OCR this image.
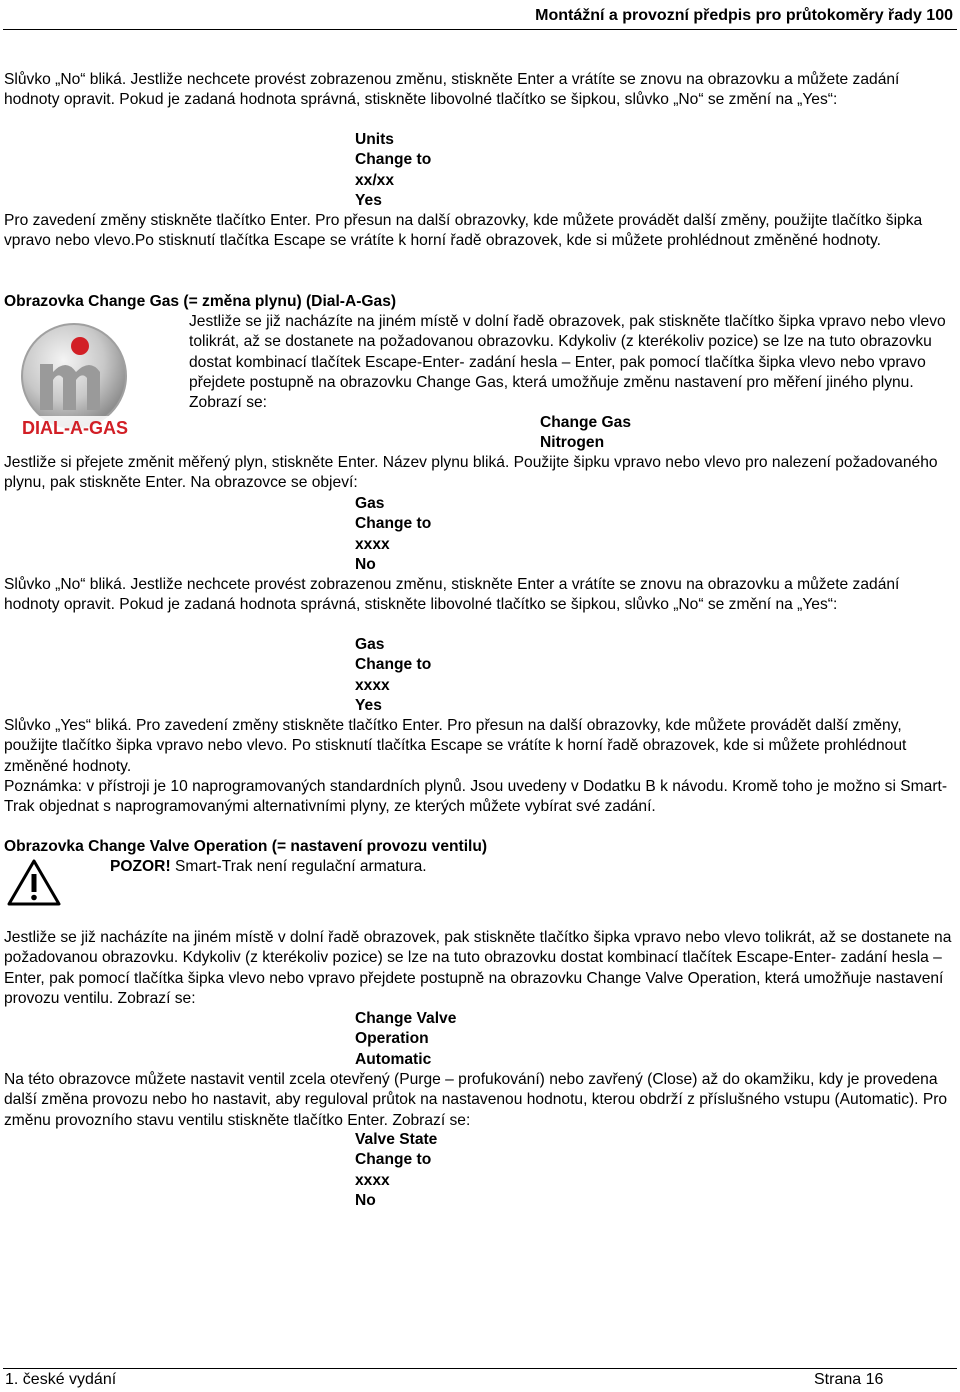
Montážní a provozní předpis pro průtokoměry řady 100

Slůvko „No“ bliká. Jestliže nechcete provést zobrazenou změnu, stiskněte Enter a vrátíte se znovu na obrazovku a můžete zadání hodnoty opravit. Pokud je zadaná hodnota správná, stiskněte libovolné tlačítko se šipkou, slůvko „No“ se změní na „Yes“:

Units
Change to
xx/xx
Yes

Pro zavedení změny stiskněte tlačítko Enter. Pro přesun na další obrazovky, kde můžete provádět další změny, použijte tlačítko šipka vpravo nebo vlevo.Po stisknutí tlačítka Escape se vrátíte k horní řadě obrazovek, kde si můžete prohlédnout změněné hodnoty.

Obrazovka Change Gas (= změna plynu) (Dial-A-Gas)

DIAL-A-GAS

Jestliže se již nacházíte na jiném místě v dolní řadě obrazovek, pak stiskněte tlačítko šipka vpravo nebo vlevo tolikrát, až se dostanete na požadovanou obrazovku. Kdykoliv (z kterékoliv pozice) se lze na tuto obrazovku dostat kombinací tlačítek Escape-Enter- zadání hesla – Enter, pak pomocí tlačítka šipka vlevo nebo vpravo přejdete postupně na obrazovku Change Gas, která umožňuje změnu nastavení pro měření jiného plynu. Zobrazí se:

Change Gas
Nitrogen

Jestliže si přejete změnit měřený plyn, stiskněte Enter. Název plynu bliká. Použijte šipku vpravo nebo vlevo pro nalezení požadovaného plynu, pak stiskněte Enter. Na obrazovce se objeví:

Gas
Change to
xxxx
No

Slůvko „No“ bliká. Jestliže nechcete provést zobrazenou změnu, stiskněte Enter a vrátíte se znovu na obrazovku a můžete zadání hodnoty opravit. Pokud je zadaná hodnota správná, stiskněte libovolné tlačítko se šipkou, slůvko „No“ se změní na „Yes“:

Gas
Change to
xxxx
Yes

Slůvko „Yes“ bliká. Pro zavedení změny stiskněte tlačítko Enter. Pro přesun na další obrazovky, kde můžete provádět další změny, použijte tlačítko šipka vpravo nebo vlevo. Po stisknutí tlačítka Escape se vrátíte k horní řadě obrazovek, kde si můžete prohlédnout změněné hodnoty.

Poznámka: v přístroji je 10 naprogramovaných standardních plynů. Jsou uvedeny v Dodatku B k návodu. Kromě toho je možno si Smart-Trak objednat s naprogramovanými alternativními plyny, ze kterých můžete vybírat své zadání.

Obrazovka Change Valve Operation (= nastavení provozu ventilu)

POZOR! Smart-Trak není regulační armatura.

Jestliže se již nacházíte na jiném místě v dolní řadě obrazovek, pak stiskněte tlačítko šipka vpravo nebo vlevo tolikrát, až se dostanete na požadovanou obrazovku. Kdykoliv (z kterékoliv pozice) se lze na tuto obrazovku dostat kombinací tlačítek Escape-Enter- zadání hesla – Enter, pak pomocí tlačítka šipka vlevo nebo vpravo přejdete postupně na obrazovku Change Valve Operation, která umožňuje nastavení provozu ventilu. Zobrazí se:

Change Valve
Operation
Automatic

Na této obrazovce můžete nastavit ventil zcela otevřený (Purge – profukování) nebo zavřený (Close) až do okamžiku, kdy je provedena další změna provozu nebo ho nastavit, aby reguloval průtok na nastavenou hodnotu, kterou obdrží z příslušného vstupu (Automatic). Pro změnu provozního stavu ventilu stiskněte tlačítko Enter. Zobrazí se:

Valve State
Change to
xxxx
No
1. české vydání	Strana 16
